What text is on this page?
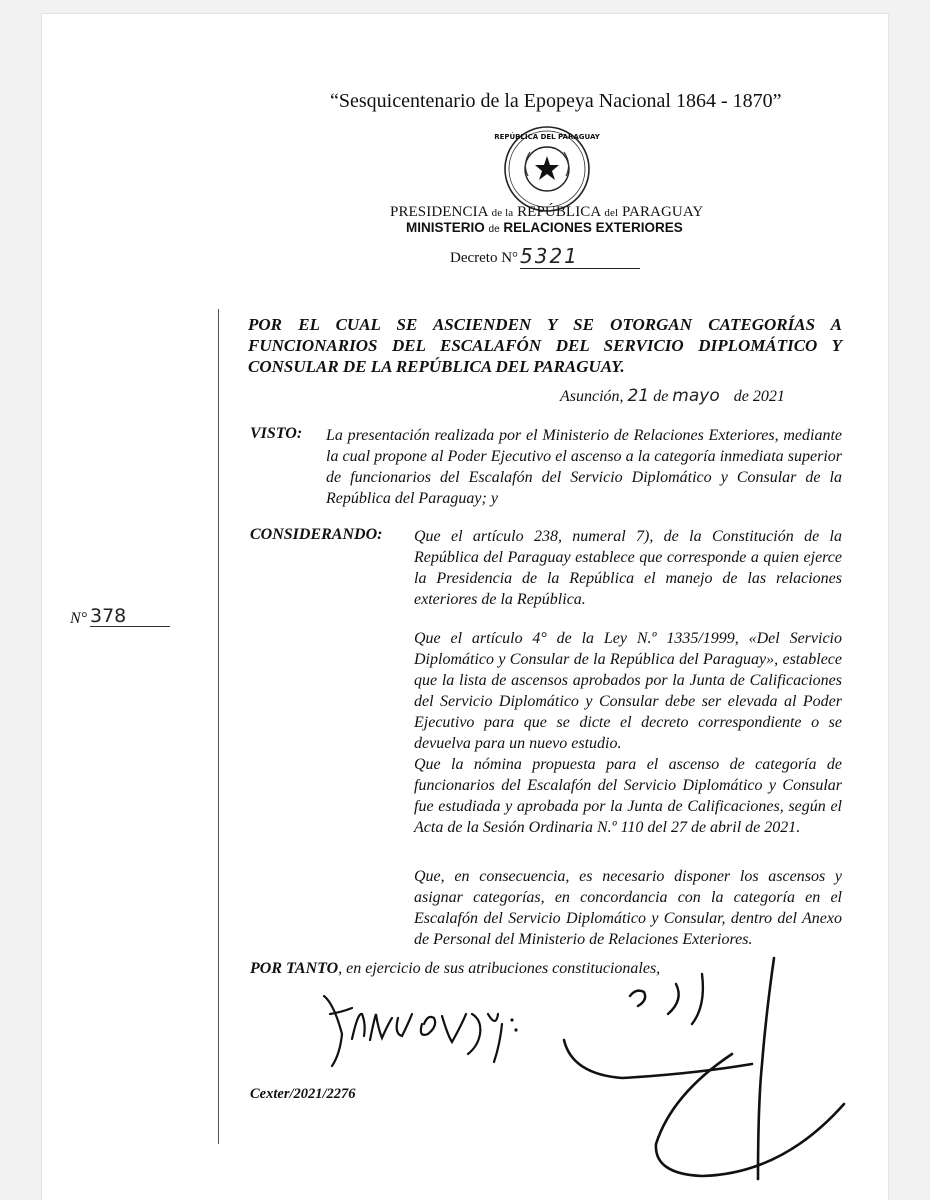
“Sesquicentenario de la Epopeya Nacional 1864 - 1870”
REPÚBLICA DEL PARAGUAY
PRESIDENCIA de la REPÚBLICA del PARAGUAY
MINISTERIO de RELACIONES EXTERIORES
Decreto N° 5321
POR EL CUAL SE ASCIENDEN Y SE OTORGAN CATEGORÍAS A FUNCIONARIOS DEL ESCALAFÓN DEL SERVICIO DIPLOMÁTICO Y CONSULAR DE LA REPÚBLICA DEL PARAGUAY.
Asunción, 21 de mayo de 2021
VISTO: La presentación realizada por el Ministerio de Relaciones Exteriores, mediante la cual propone al Poder Ejecutivo el ascenso a la categoría inmediata superior de funcionarios del Escalafón del Servicio Diplomático y Consular de la República del Paraguay; y
CONSIDERANDO: Que el artículo 238, numeral 7), de la Constitución de la República del Paraguay establece que corresponde a quien ejerce la Presidencia de la República el manejo de las relaciones exteriores de la República.
Que el artículo 4° de la Ley N.º 1335/1999, «Del Servicio Diplomático y Consular de la República del Paraguay», establece que la lista de ascensos aprobados por la Junta de Calificaciones del Servicio Diplomático y Consular debe ser elevada al Poder Ejecutivo para que se dicte el decreto correspondiente o se devuelva para un nuevo estudio.
Que la nómina propuesta para el ascenso de categoría de funcionarios del Escalafón del Servicio Diplomático y Consular fue estudiada y aprobada por la Junta de Calificaciones, según el Acta de la Sesión Ordinaria N.º 110 del 27 de abril de 2021.
Que, en consecuencia, es necesario disponer los ascensos y asignar categorías, en concordancia con la categoría en el Escalafón del Servicio Diplomático y Consular, dentro del Anexo de Personal del Ministerio de Relaciones Exteriores.
POR TANTO, en ejercicio de sus atribuciones constitucionales,
Cexter/2021/2276
N° 378
